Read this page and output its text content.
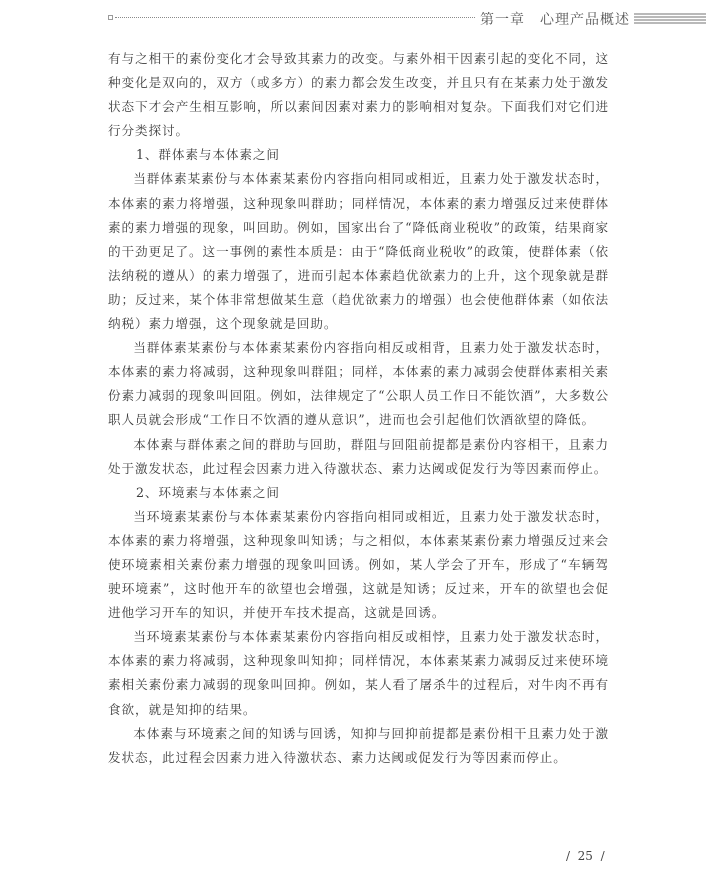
第一章　心理产品概述

有与之相干的素份变化才会导致其素力的改变。与素外相干因素引起的变化不同，这种变化是双向的，双方（或多方）的素力都会发生改变，并且只有在某素力处于激发状态下才会产生相互影响，所以素间因素对素力的影响相对复杂。下面我们对它们进行分类探讨。

1、群体素与本体素之间

当群体素某素份与本体素某素份内容指向相同或相近，且素力处于激发状态时，本体素的素力将增强，这种现象叫群助；同样情况，本体素的素力增强反过来使群体素的素力增强的现象，叫回助。例如，国家出台了“降低商业税收”的政策，结果商家的干劲更足了。这一事例的素性本质是：由于“降低商业税收”的政策，使群体素（依法纳税的遵从）的素力增强了，进而引起本体素趋优欲素力的上升，这个现象就是群助；反过来，某个体非常想做某生意（趋优欲素力的增强）也会使他群体素（如依法纳税）素力增强，这个现象就是回助。

当群体素某素份与本体素某素份内容指向相反或相背，且素力处于激发状态时，本体素的素力将减弱，这种现象叫群阻；同样，本体素的素力减弱会使群体素相关素份素力减弱的现象叫回阻。例如，法律规定了“公职人员工作日不能饮酒”，大多数公职人员就会形成“工作日不饮酒的遵从意识”，进而也会引起他们饮酒欲望的降低。

本体素与群体素之间的群助与回助，群阻与回阻前提都是素份内容相干，且素力处于激发状态，此过程会因素力进入待激状态、素力达阈或促发行为等因素而停止。

2、环境素与本体素之间

当环境素某素份与本体素某素份内容指向相同或相近，且素力处于激发状态时，本体素的素力将增强，这种现象叫知诱；与之相似，本体素某素份素力增强反过来会使环境素相关素份素力增强的现象叫回诱。例如，某人学会了开车，形成了“车辆驾驶环境素”，这时他开车的欲望也会增强，这就是知诱；反过来，开车的欲望也会促进他学习开车的知识，并使开车技术提高，这就是回诱。

当环境素某素份与本体素某素份内容指向相反或相悖，且素力处于激发状态时，本体素的素力将减弱，这种现象叫知抑；同样情况，本体素某素力减弱反过来使环境素相关素份素力减弱的现象叫回抑。例如，某人看了屠杀牛的过程后，对牛肉不再有食欲，就是知抑的结果。

本体素与环境素之间的知诱与回诱，知抑与回抑前提都是素份相干且素力处于激发状态，此过程会因素力进入待激状态、素力达阈或促发行为等因素而停止。

/  25  /
